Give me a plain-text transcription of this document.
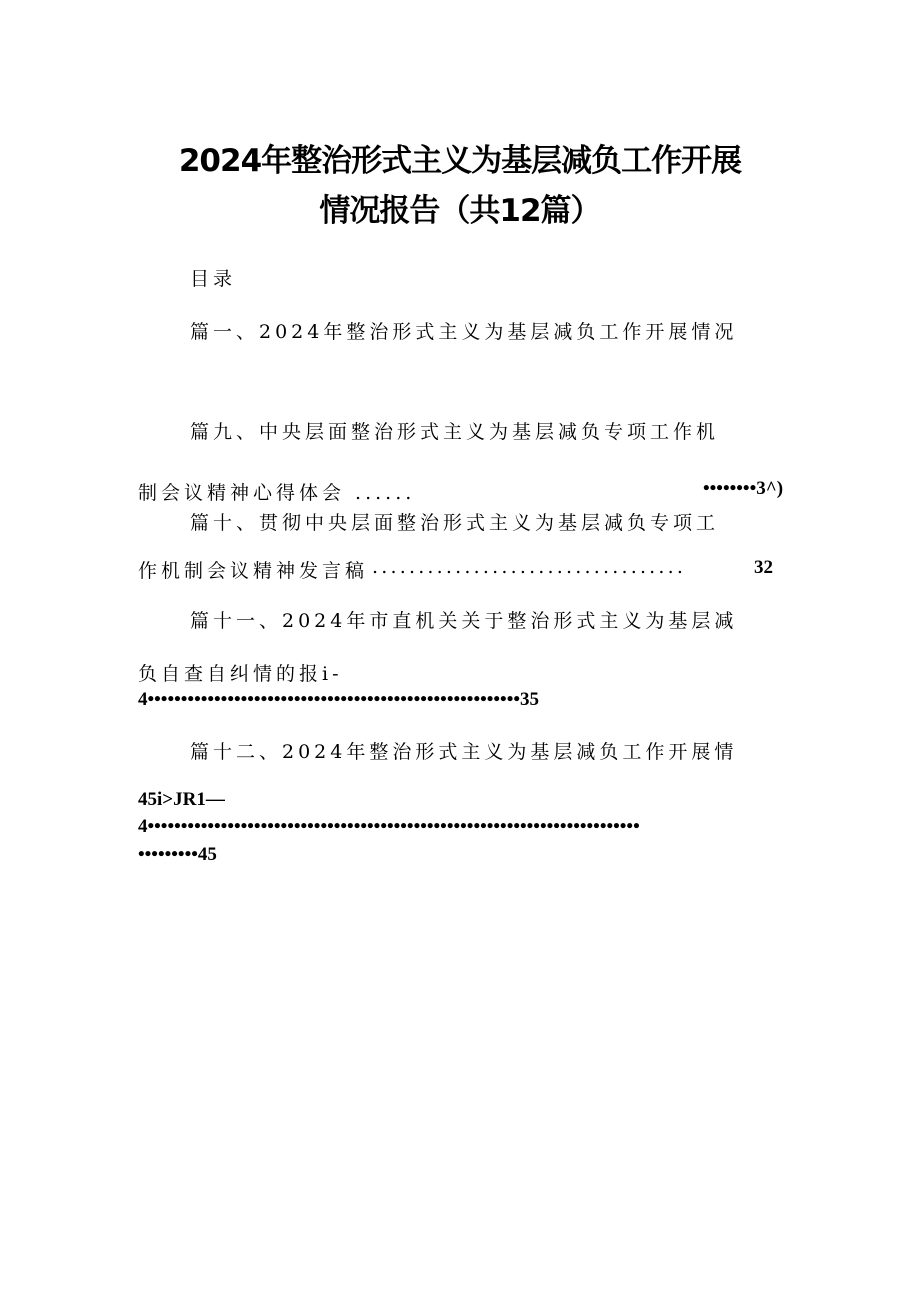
2024年整治形式主义为基层减负工作开展
情况报告（共12篇）
目录
篇一、2024年整治形式主义为基层减负工作开展情况
篇九、中央层面整治形式主义为基层减负专项工作机
制会议精神心得体会 ......	••••••••3^)
篇十、贯彻中央层面整治形式主义为基层减负专项工
作机制会议精神发言稿 ..................................	32
篇十一、2024年市直机关关于整治形式主义为基层减
负自查自纠情的报i-
4••••••••••••••••••••••••••••••••••••••••••••••••••••••••35
篇十二、2024年整治形式主义为基层减负工作开展情
45i>JR1—
4••••••••••••••••••••••••••••••••••••••••••••••••••••••••••••••••••••••••••
•••••••••45
